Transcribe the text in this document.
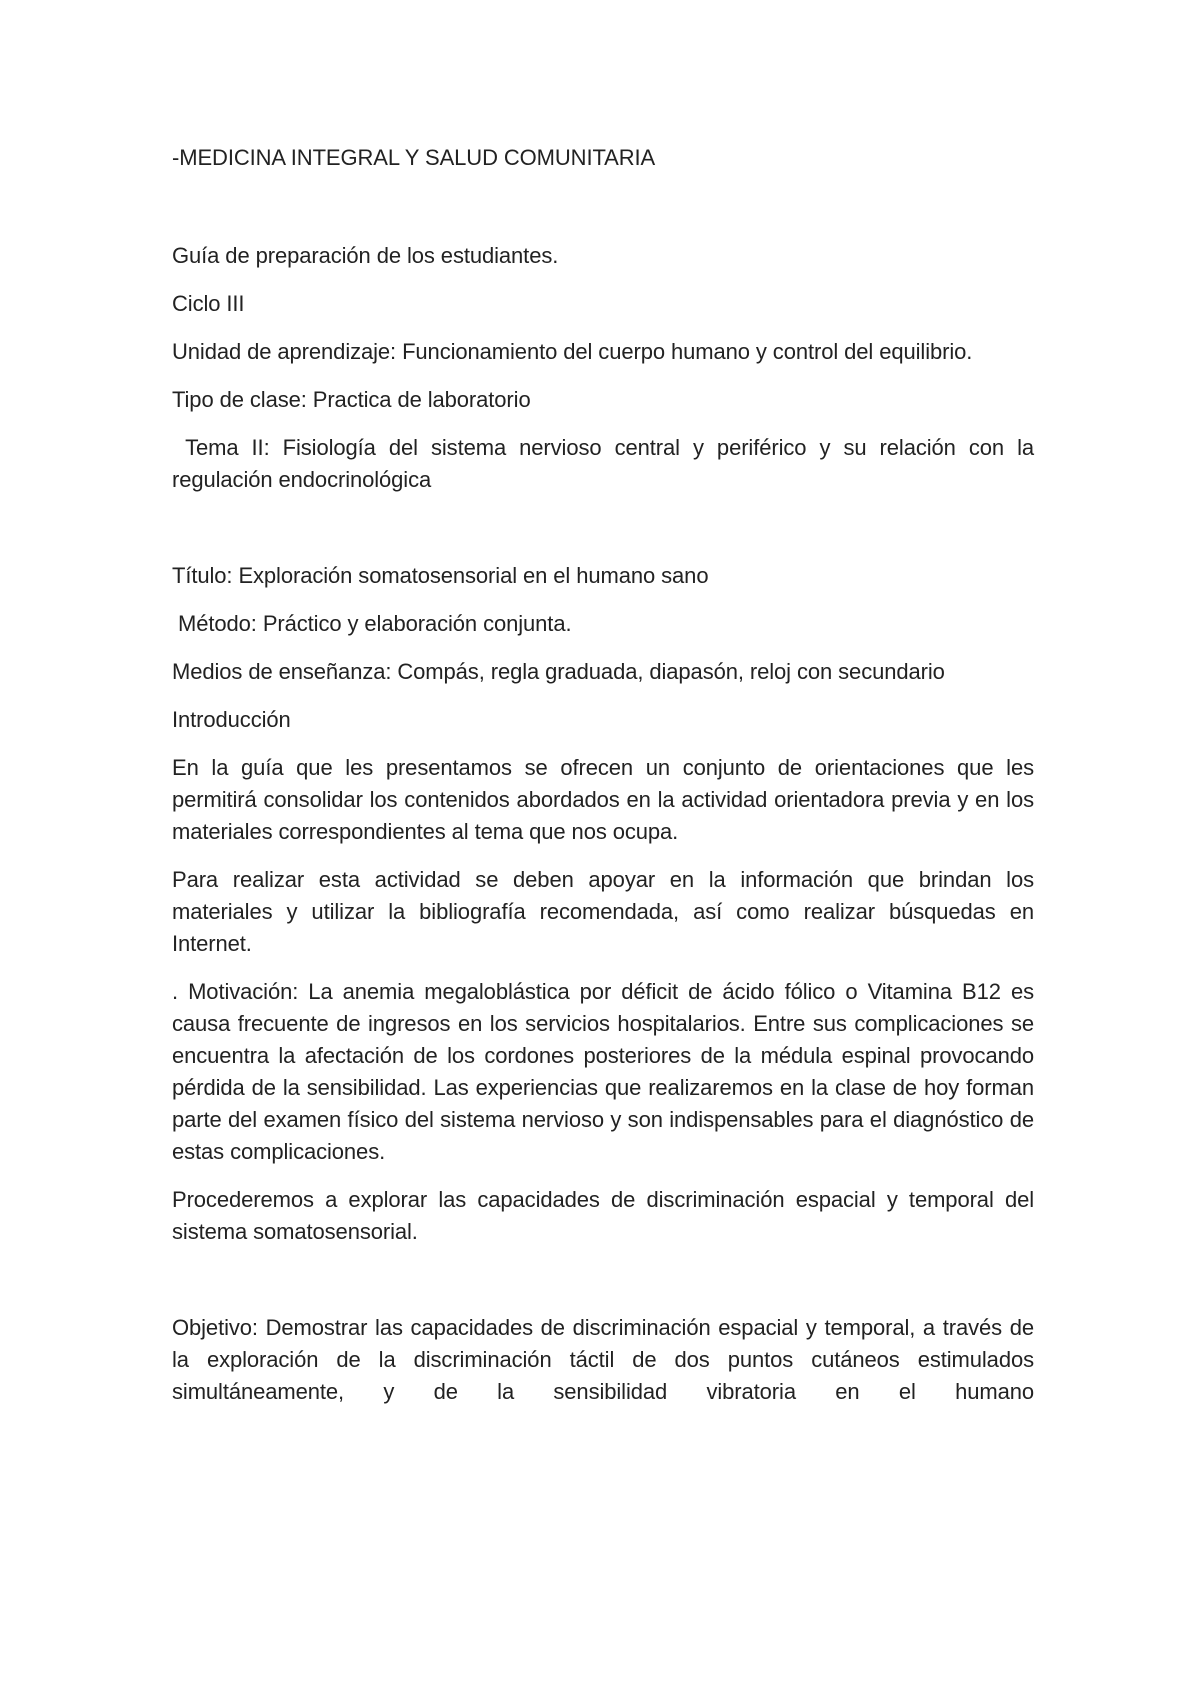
-MEDICINA INTEGRAL Y SALUD COMUNITARIA

Guía de preparación de los estudiantes.

Ciclo III

Unidad de aprendizaje: Funcionamiento del cuerpo humano y control del equilibrio.

Tipo de clase: Practica de laboratorio

Tema II: Fisiología del sistema nervioso central y periférico y su relación con la regulación endocrinológica

Título: Exploración somatosensorial en el humano sano

Método: Práctico y elaboración conjunta.

Medios de enseñanza: Compás, regla graduada, diapasón, reloj con secundario

Introducción

En la guía que les presentamos se ofrecen un conjunto de orientaciones que les permitirá consolidar los contenidos abordados en la actividad orientadora previa y en los materiales correspondientes al tema que nos ocupa.

Para realizar esta actividad se deben apoyar en la información que brindan los materiales y utilizar la bibliografía recomendada, así como realizar búsquedas en Internet.

. Motivación: La anemia megaloblástica por déficit de ácido fólico o Vitamina B12 es causa frecuente de ingresos en los servicios hospitalarios. Entre sus complicaciones se encuentra la afectación de los cordones posteriores de la médula espinal provocando pérdida de la sensibilidad. Las experiencias que realizaremos en la clase de hoy forman parte del examen físico del sistema nervioso y son indispensables para el diagnóstico de estas complicaciones.

Procederemos a explorar las capacidades de discriminación espacial y temporal del sistema somatosensorial.

Objetivo: Demostrar las capacidades de discriminación espacial y temporal, a través de la exploración de la discriminación táctil de dos puntos cutáneos estimulados simultáneamente, y de la sensibilidad vibratoria en el humano
